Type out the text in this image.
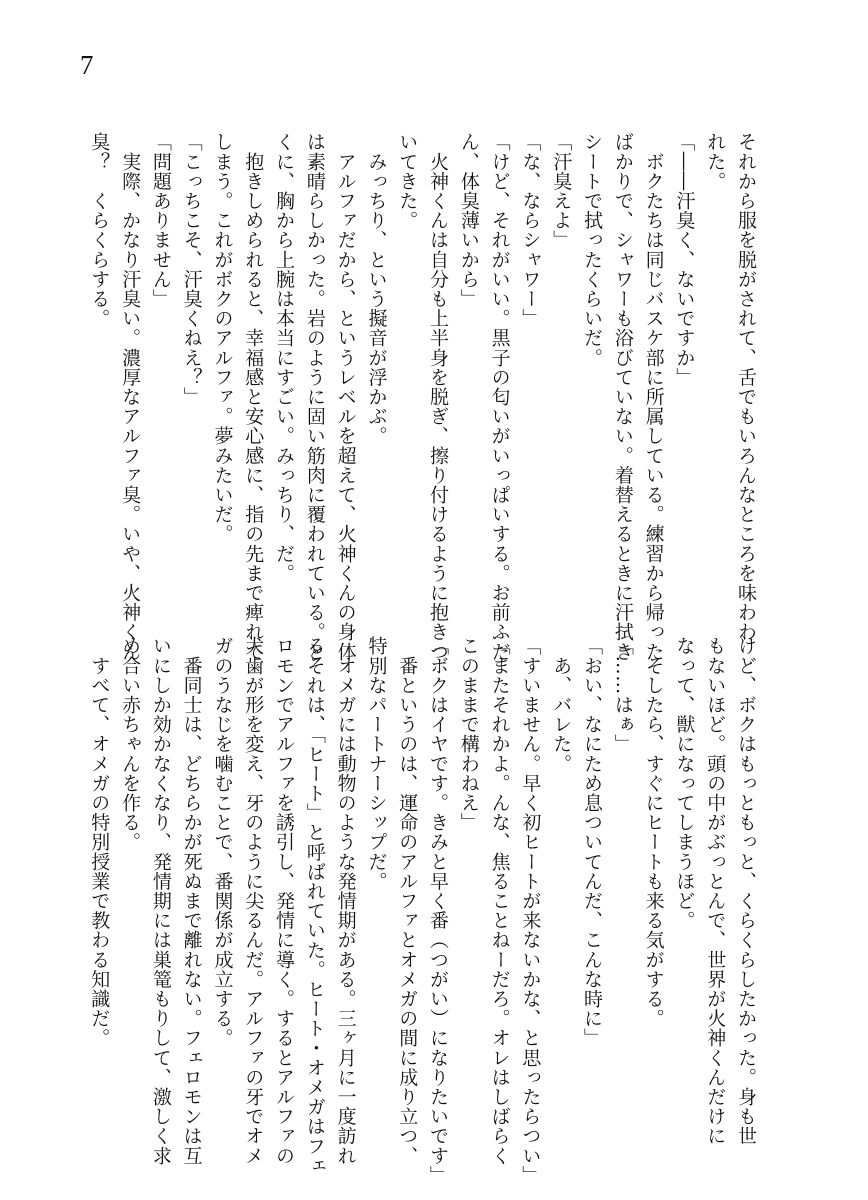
7

それから服を脱がされて、舌でもいろんなところを味わわ

れた。

「――汗臭く、ないですか」

　ボクたちは同じバスケ部に所属している。練習から帰った

ばかりで、シャワーも浴びていない。着替えるときに汗拭き

シートで拭ったくらいだ。

「汗臭えよ」

「な、ならシャワー」

「けど、それがいい。黒子の匂いがいっぱいする。お前ふだ

ん、体臭薄いから」

　火神くんは自分も上半身を脱ぎ、擦り付けるように抱きつ

いてきた。

　みっちり、という擬音が浮かぶ。

　アルファだから、というレベルを超えて、火神くんの身体

は素晴らしかった。岩のように固い筋肉に覆われている。と

くに、胸から上腕は本当にすごい。みっちり、だ。

　抱きしめられると、幸福感と安心感に、指の先まで痺れて

しまう。これがボクのアルファ。夢みたいだ。

「こっちこそ、汗臭くねえ？」

「問題ありません」

　実際、かなり汗臭い。濃厚なアルファ臭。いや、火神くん

臭？　くらくらする。

けど、ボクはもっともっと、くらくらしたかった。身も世

もないほど。頭の中がぶっとんで、世界が火神くんだけに

なって、獣になってしまうほど。

　そしたら、すぐにヒートも来る気がする。

「……はぁ」

「おい、なにため息ついてんだ、こんな時に」

　あ、バレた。

「すいません。早く初ヒートが来ないかな、と思ったらつい」

「またそれかよ。んな、焦ることねーだろ。オレはしばらく

このままで構わねえ」

「ボクはイヤです。きみと早く番（つがい）になりたいです」

　番というのは、運命のアルファとオメガの間に成り立つ、

特別なパートナーシップだ。

　オメガには動物のような発情期がある。三ヶ月に一度訪れ

るそれは、「ヒート」と呼ばれていた。ヒート・オメガはフェ

ロモンでアルファを誘引し、発情に導く。するとアルファの

犬歯が形を変え、牙のように尖るんだ。アルファの牙でオメ

ガのうなじを噛むことで、番関係が成立する。

　番同士は、どちらかが死ぬまで離れない。フェロモンは互

いにしか効かなくなり、発情期には巣篭もりして、激しく求

め合い赤ちゃんを作る。

　すべて、オメガの特別授業で教わる知識だ。
